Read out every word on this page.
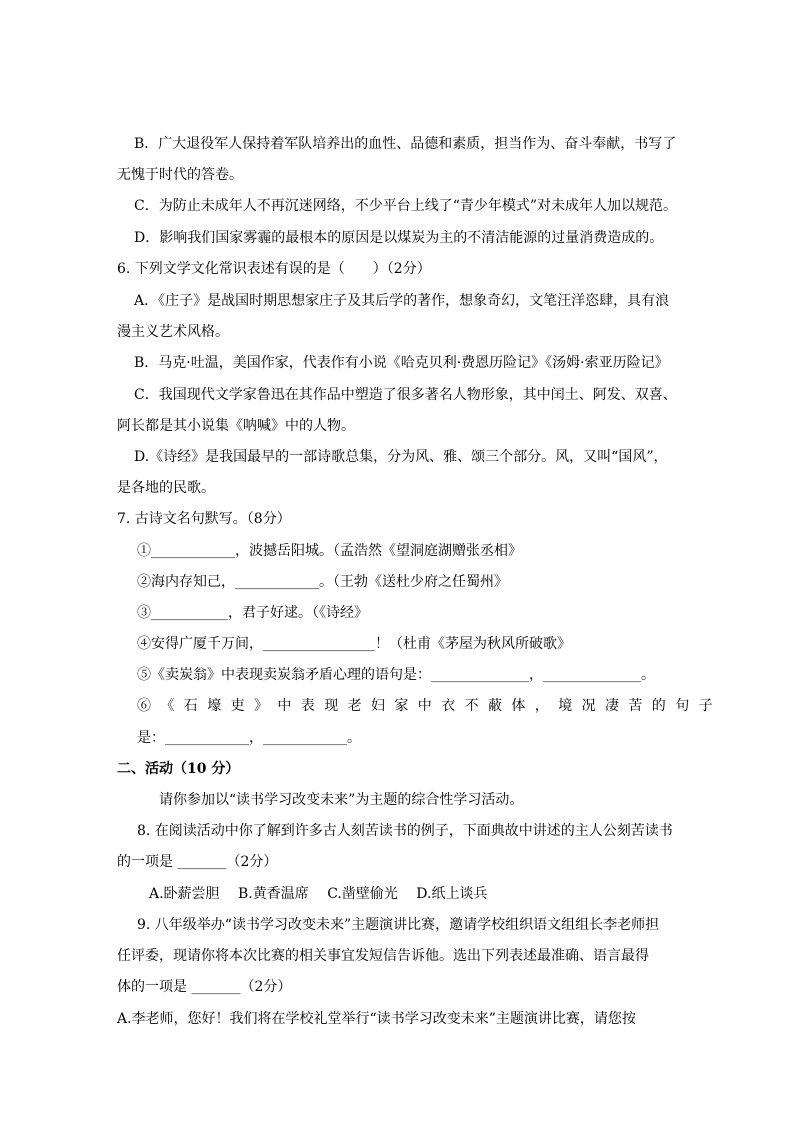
B．广大退役军人保持着军队培养出的血性、品德和素质，担当作为、奋斗奉献，书写了
无愧于时代的答卷。
C．为防止未成年人不再沉迷网络，不少平台上线了“青少年模式”对未成年人加以规范。
D．影响我们国家雾霾的最根本的原因是以煤炭为主的不清洁能源的过量消费造成的。
6. 下列文学文化常识表述有误的是（　　）（2分）
A．《庄子》是战国时期思想家庄子及其后学的著作，想象奇幻，文笔汪洋恣肆，具有浪
漫主义艺术风格。
B．马克·吐温，美国作家，代表作有小说《哈克贝利·费恩历险记》《汤姆·索亚历险记》
C．我国现代文学家鲁迅在其作品中塑造了很多著名人物形象，其中闰土、阿发、双喜、
阿长都是其小说集《呐喊》中的人物。
D.《诗经》是我国最早的一部诗歌总集，分为风、雅、颂三个部分。风，又叫“国风”，
是各地的民歌。
7. 古诗文名句默写。（8分）
①____________，波撼岳阳城。（孟浩然《望洞庭湖赠张丞相》
②海内存知己，____________。（王勃《送杜少府之任蜀州》
③___________，君子好逑。（《诗经》
④安得广厦千万间，________________！（杜甫《茅屋为秋风所破歌》
⑤《卖炭翁》中表现卖炭翁矛盾心理的语句是：______________，______________。
⑥《石壕吏》中表现老妇家中衣不蔽体，境况凄苦的句子
是：____________，____________。
二、活动（10 分）
请你参加以“读书学习改变未来”为主题的综合性学习活动。
8. 在阅读活动中你了解到许多古人刻苦读书的例子，下面典故中讲述的主人公刻苦读书
的一项是 _______（2分）
A.卧薪尝胆　 B.黄香温席　 C.凿壁偷光　 D.纸上谈兵
9. 八年级举办“读书学习改变未来”主题演讲比赛，邀请学校组织语文组组长李老师担
任评委，现请你将本次比赛的相关事宜发短信告诉他。选出下列表述最准确、语言最得
体的一项是 _______（2分）
A.李老师，您好！我们将在学校礼堂举行“读书学习改变未来”主题演讲比赛，请您按
